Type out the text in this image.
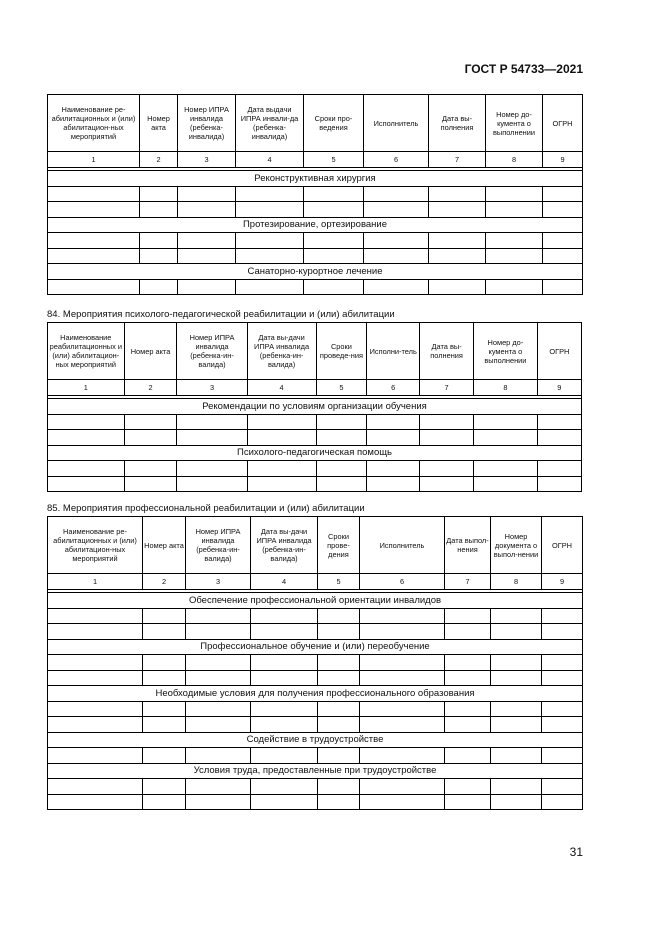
ГОСТ Р 54733—2021
Наименование ре-абилитационных и (или) абилитацион-ных мероприятий	Номер акта	Номер ИПРА инвалида (ребенка-инвалида)	Дата выдачи ИПРА инвали-да (ребенка-инвалида)	Сроки про-ведения	Исполнитель	Дата вы-полнения	Номер до-кумента о выполнении	ОГРН
1	2	3	4	5	6	7	8	9

Реконструктивная хирургия								

Протезирование, ортезирование								

Санаторно-курортное лечение								

84. Мероприятия психолого-педагогической реабилитации и (или) абилитации
Наименование реабилитационных и (или) абилитацион-ных мероприятий	Номер акта	Номер ИПРА инвалида (ребенка-ин-валида)	Дата вы-дачи ИПРА инвалида (ребенка-ин-валида)	Сроки проведе-ния	Исполни-тель	Дата вы-полнения	Номер до-кумента о выполнении	ОГРН
1	2	3	4	5	6	7	8	9

Рекомендации по условиям организации обучения								

Психолого-педагогическая помощь								

85. Мероприятия профессиональной реабилитации и (или) абилитации
Наименование ре-абилитационных и (или) абилитацион-ных мероприятий	Номер акта	Номер ИПРА инвалида (ребенка-ин-валида)	Дата вы-дачи ИПРА инвалида (ребенка-ин-валида)	Сроки прове-дения	Исполнитель	Дата выпол-нения	Номер документа о выпол-нении	ОГРН
1	2	3	4	5	6	7	8	9

Обеспечение профессиональной ориентации инвалидов								

Профессиональное обучение и (или) переобучение								

Необходимые условия для получения профессионального образования								

Содействие в трудоустройстве								

Условия труда, предоставленные при трудоустройстве								

31
